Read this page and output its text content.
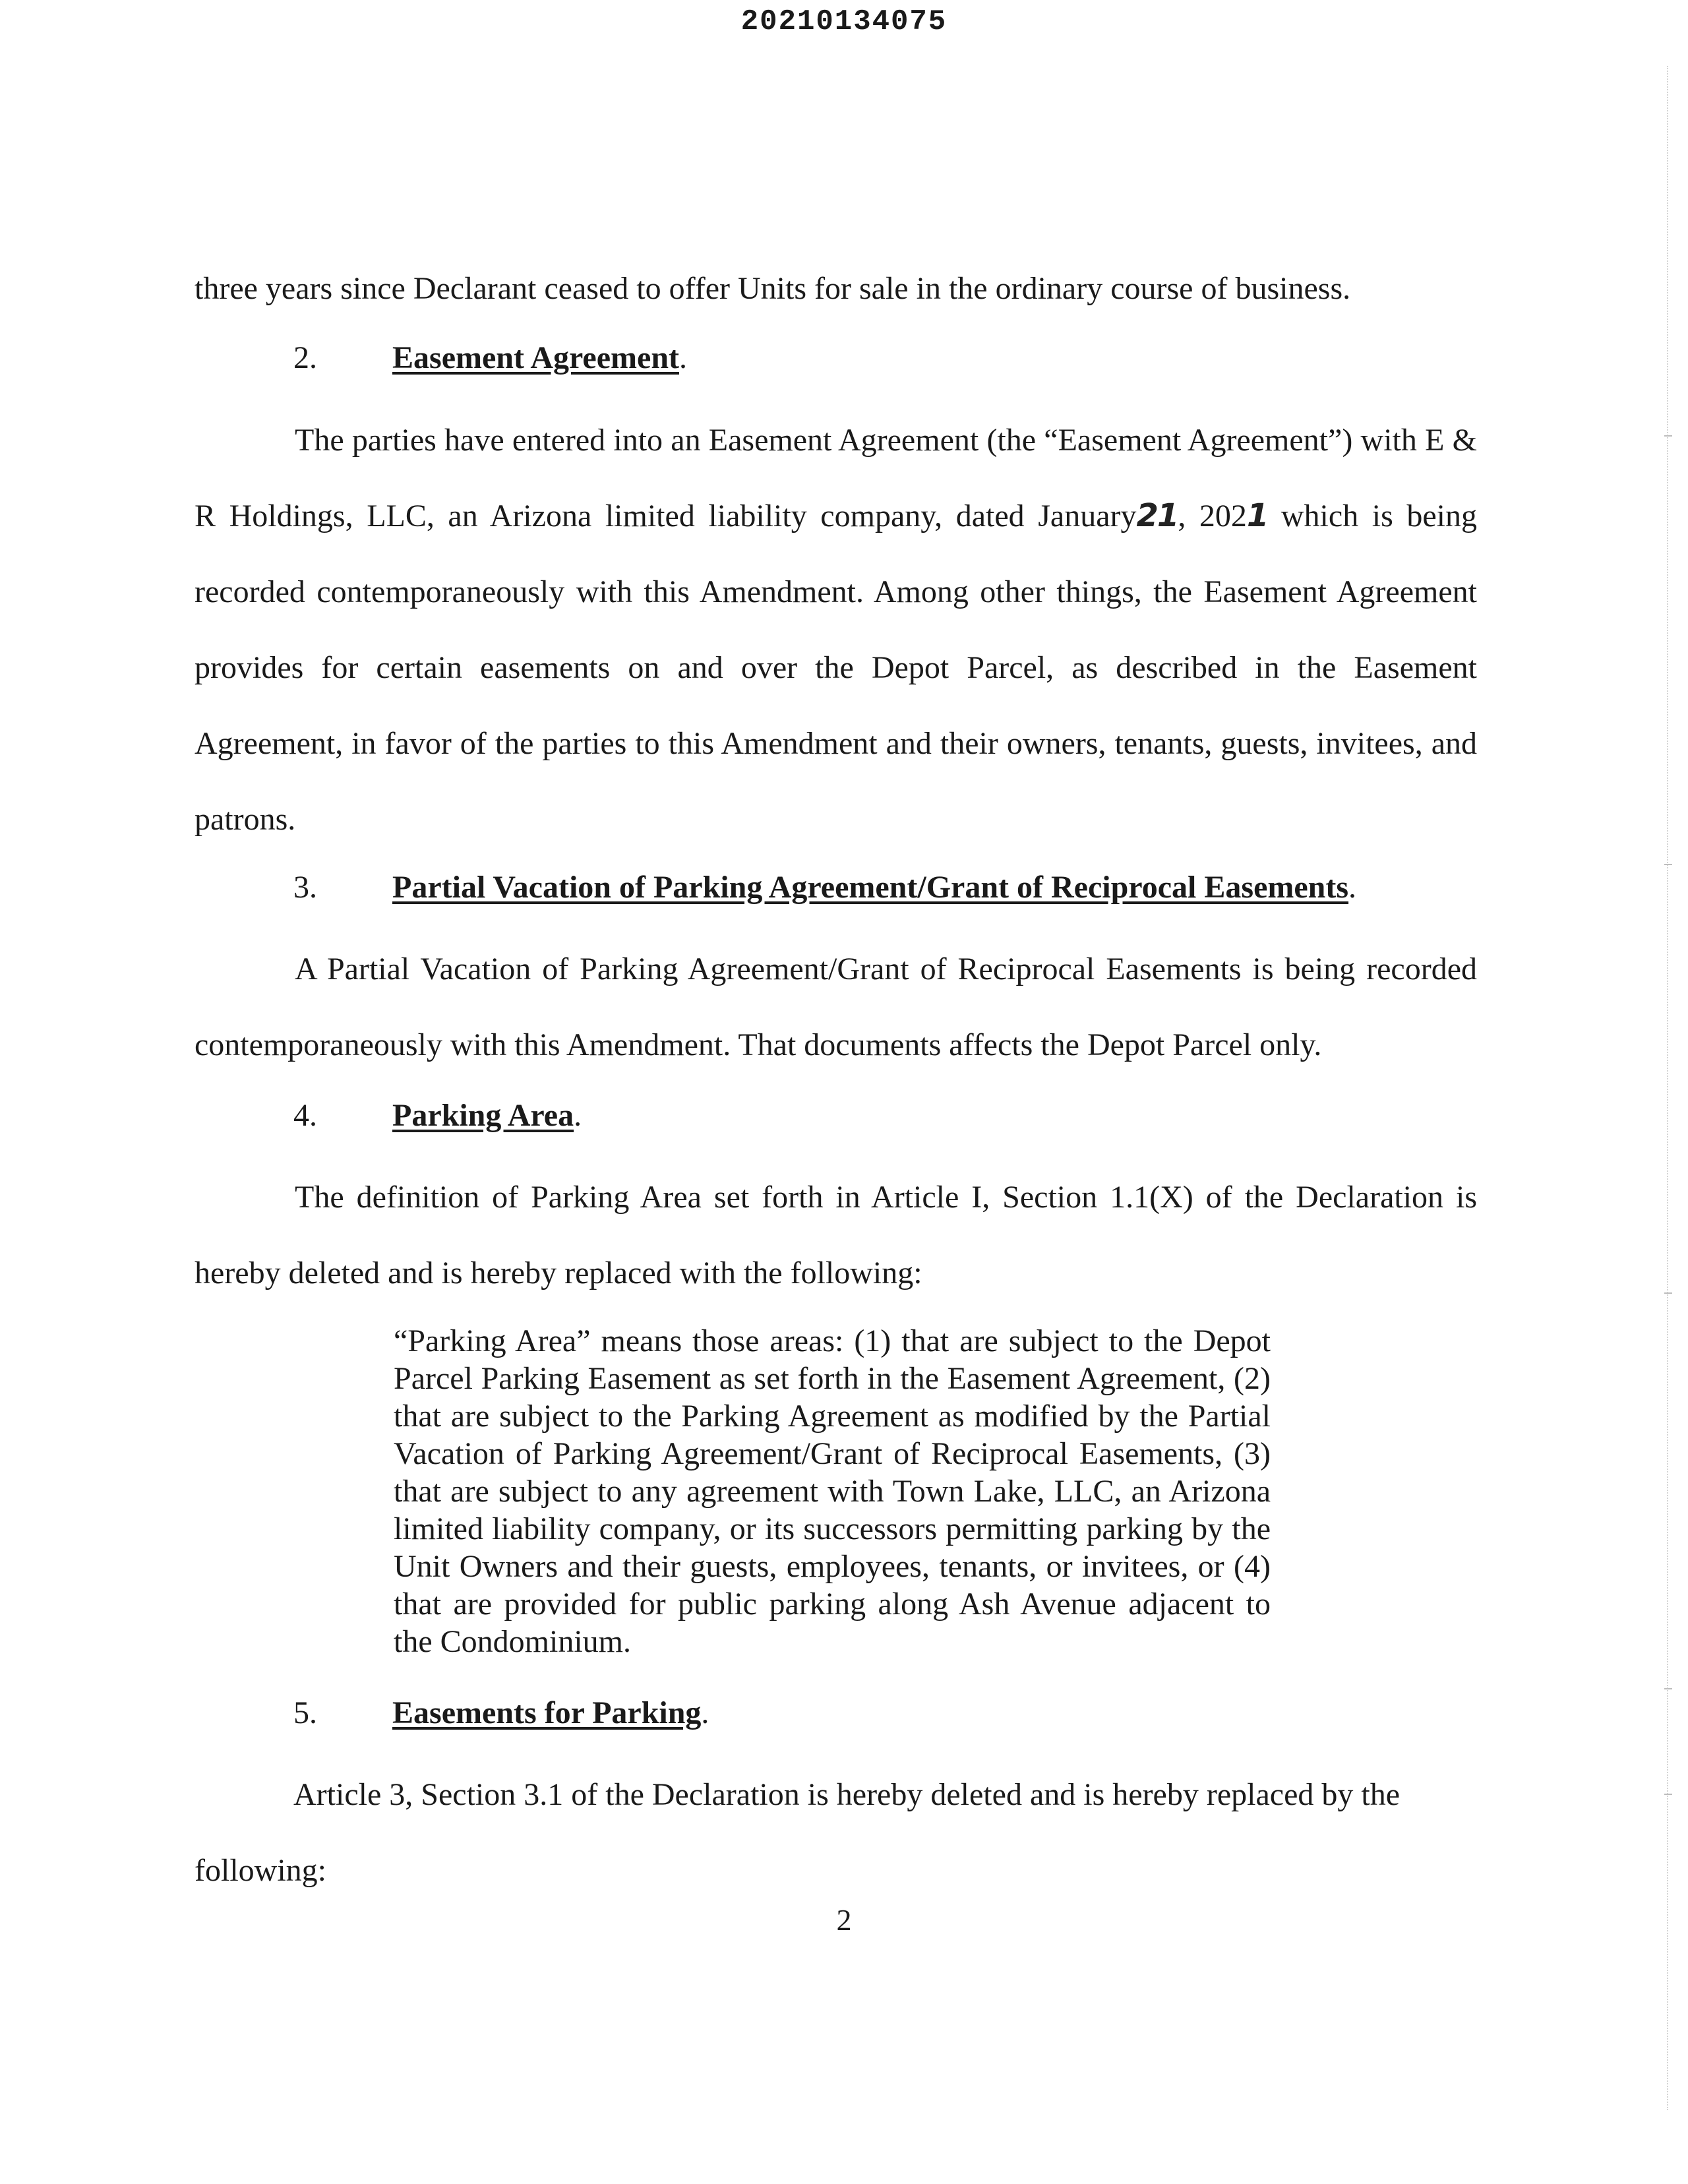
20210134075

three years since Declarant ceased to offer Units for sale in the ordinary course of business.

2. Easement Agreement.

The parties have entered into an Easement Agreement (the “Easement Agreement”) with E & R Holdings, LLC, an Arizona limited liability company, dated January21, 2021 which is being recorded contemporaneously with this Amendment. Among other things, the Easement Agreement provides for certain easements on and over the Depot Parcel, as described in the Easement Agreement, in favor of the parties to this Amendment and their owners, tenants, guests, invitees, and patrons.

3. Partial Vacation of Parking Agreement/Grant of Reciprocal Easements.

A Partial Vacation of Parking Agreement/Grant of Reciprocal Easements is being recorded contemporaneously with this Amendment. That documents affects the Depot Parcel only.

4. Parking Area.

The definition of Parking Area set forth in Article I, Section 1.1(X) of the Declaration is hereby deleted and is hereby replaced with the following:

“Parking Area” means those areas: (1) that are subject to the Depot Parcel Parking Easement as set forth in the Easement Agreement, (2) that are subject to the Parking Agreement as modified by the Partial Vacation of Parking Agreement/Grant of Reciprocal Easements, (3) that are subject to any agreement with Town Lake, LLC, an Arizona limited liability company, or its successors permitting parking by the Unit Owners and their guests, employees, tenants, or invitees, or (4) that are provided for public parking along Ash Avenue adjacent to the Condominium.

5. Easements for Parking.

Article 3, Section 3.1 of the Declaration is hereby deleted and is hereby replaced by the

following:

2
